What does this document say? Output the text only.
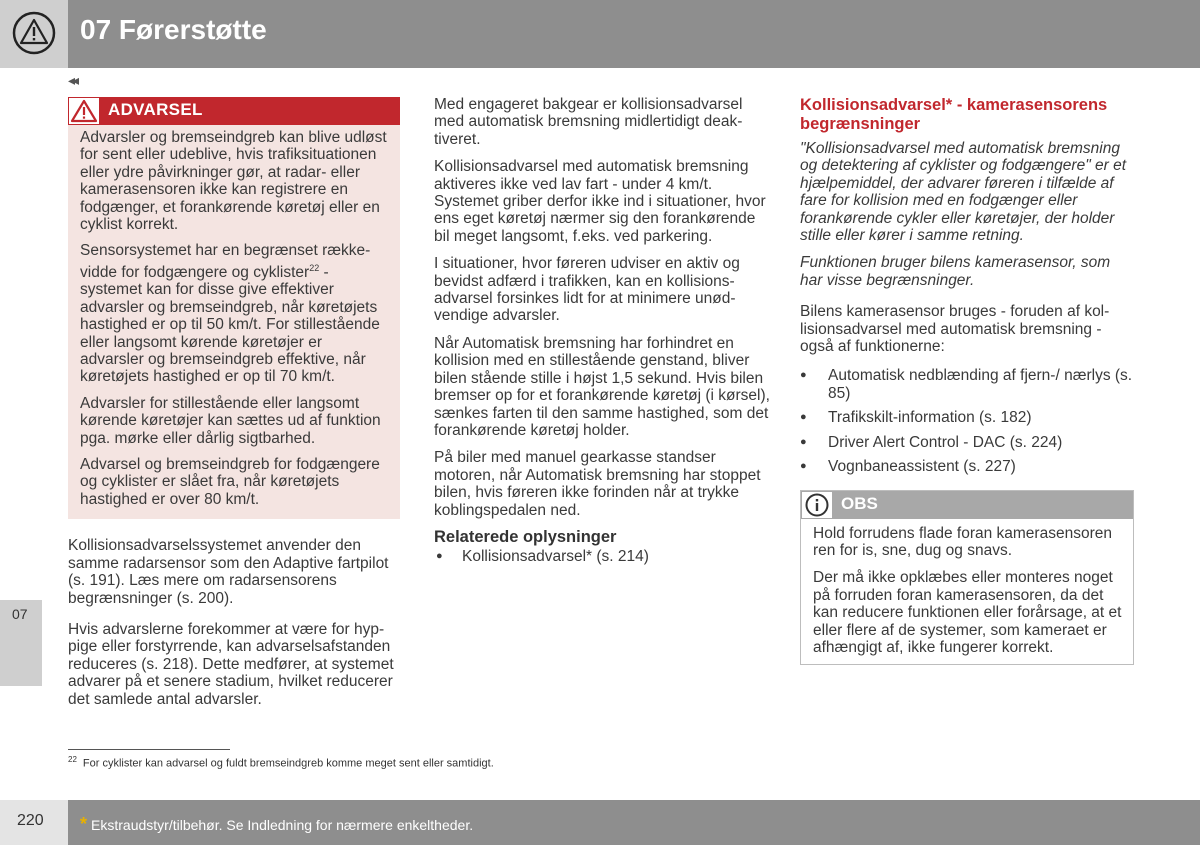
07 Førerstøtte
◂◂
07
ADVARSEL

Advarsler og bremseindgreb kan blive udløst for sent eller udeblive, hvis trafiksituationen eller ydre påvirkninger gør, at radar- eller kamerasensoren ikke kan registrere en fodgænger, et forankørende køretøj eller en cyklist korrekt.

Sensorsystemet har en begrænset rækkevidde for fodgængere og cyklister$^{22}$ - systemet kan for disse give effektiver advarsler og bremseindgreb, når køretøjets hastighed er op til 50 km/t. For stillestående eller langsomt kørende køretøjer er advarsler og bremseindgreb effektive, når køretøjets hastighed er op til 70 km/t.

Advarsler for stillestående eller langsomt kørende køretøjer kan sættes ud af funktion pga. mørke eller dårlig sigtbarhed.

Advarsel og bremseindgreb for fodgængere og cyklister er slået fra, når køretøjets hastighed er over 80 km/t.

Kollisionsadvarselssystemet anvender den samme radarsensor som den Adaptive fartpilot (s. 191). Læs mere om radarsensorens begrænsninger (s. 200).

Hvis advarslerne forekommer at være for hyppige eller forstyrrende, kan advarselsafstanden reduceres (s. 218). Dette medfører, at systemet advarer på et senere stadium, hvilket reducerer det samlede antal advarsler.

Med engageret bakgear er kollisionsadvarsel med automatisk bremsning midlertidigt deaktiveret.

Kollisionsadvarsel med automatisk bremsning aktiveres ikke ved lav fart - under 4 km/t. Systemet griber derfor ikke ind i situationer, hvor ens eget køretøj nærmer sig den forankørende bil meget langsomt, f.eks. ved parkering.

I situationer, hvor føreren udviser en aktiv og bevidst adfærd i trafikken, kan en kollisionsadvarsel forsinkes lidt for at minimere unødvendige advarsler.

Når Automatisk bremsning har forhindret en kollision med en stillestående genstand, bliver bilen stående stille i højst 1,5 sekund. Hvis bilen bremser op for et forankørende køretøj (i kørsel), sænkes farten til den samme hastighed, som det forankørende køretøj holder.

På biler med manuel gearkasse standser motoren, når Automatisk bremsning har stoppet bilen, hvis føreren ikke forinden når at trykke koblingspedalen ned.

Relaterede oplysninger
● Kollisionsadvarsel* (s. 214)
Kollisionsadvarsel* - kamerasensorens begrænsninger

"Kollisionsadvarsel med automatisk bremsning og detektering af cyklister og fodgængere" er et hjælpemiddel, der advarer føreren i tilfælde af fare for kollision med en fodgænger eller forankørende cykler eller køretøjer, der holder stille eller kører i samme retning.

Funktionen bruger bilens kamerasensor, som har visse begrænsninger.

Bilens kamerasensor bruges - foruden af kollisionsadvarsel med automatisk bremsning - også af funktionerne:

● Automatisk nedblænding af fjern-/ nærlys (s. 85)
● Trafikskilt-information (s. 182)
● Driver Alert Control - DAC (s. 224)
● Vognbaneassistent (s. 227)
OBS

Hold forrudens flade foran kamerasensoren ren for is, sne, dug og snavs.

Der må ikke opklæbes eller monteres noget på forruden foran kamerasensoren, da det kan reducere funktionen eller forårsage, at et eller flere af de systemer, som kameraet er afhængigt af, ikke fungerer korrekt.

$^{22}$ For cyklister kan advarsel og fuldt bremseindgreb komme meget sent eller samtidigt.
220 * Ekstraudstyr/tilbehør. Se Indledning for nærmere enkeltheder.
